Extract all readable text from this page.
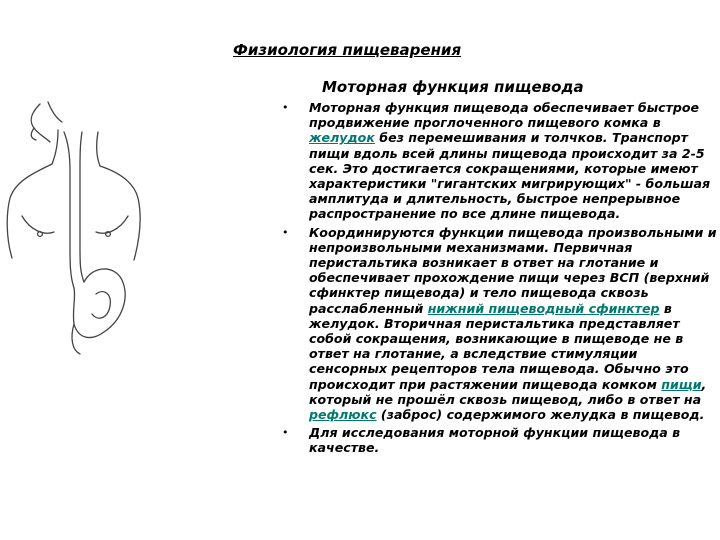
Физиология пищеварения
Моторная функция пищевода
• Моторная функция пищевода обеспечивает быстрое продвижение проглоченного пищевого комка в желудок без перемешивания и толчков. Транспорт пищи вдоль всей длины пищевода происходит за 2-5 сек. Это достигается сокращениями, которые имеют характеристики "гигантских мигрирующих" - большая амплитуда и длительность, быстрое непрерывное распространение по все длине пищевода.
• Координируются функции пищевода произвольными и непроизвольными механизмами. Первичная перистальтика возникает в ответ на глотание и обеспечивает прохождение пищи через ВСП (верхний сфинктер пищевода) и тело пищевода сквозь расслабленный нижний пищеводный сфинктер в желудок. Вторичная перистальтика представляет собой сокращения, возникающие в пищеводе не в ответ на глотание, а вследствие стимуляции сенсорных рецепторов тела пищевода. Обычно это происходит при растяжении пищевода комком пищи, который не прошёл сквозь пищевод, либо в ответ на рефлюкс (заброс) содержимого желудка в пищевод.
• Для исследования моторной функции пищевода в качестве.
